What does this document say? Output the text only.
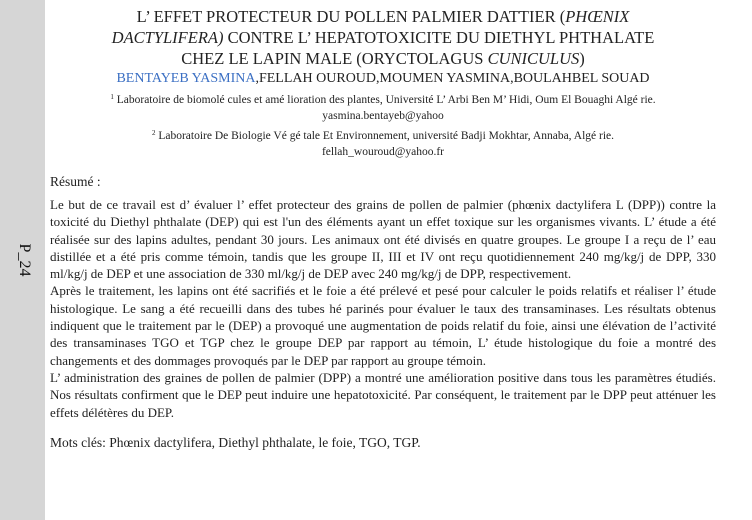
P_24
L’ EFFET PROTECTEUR DU POLLEN PALMIER DATTIER (PHŒNIX
DACTYLIFERA) CONTRE L’ HEPATOTOXICITE DU DIETHYL PHTHALATE
CHEZ LE LAPIN MALE (ORYCTOLAGUS CUNICULUS)
BENTAYEB YASMINA,FELLAH OUROUD,MOUMEN YASMINA,BOULAHBEL SOUAD
$^1$ Laboratoire de biomolé cules et amé lioration des plantes, Université L’ Arbi Ben M’ Hidi, Oum El Bouaghi Algé rie.
yasmina.bentayeb@yahoo
$^2$ Laboratoire De Biologie Vé gé tale Et Environnement, université Badji Mokhtar, Annaba, Algé rie.
fellah_wouroud@yahoo.fr
Résumé :

Le but de ce travail est d’ évaluer l’ effet protecteur des grains de pollen de palmier (phœnix dactylifera L (DPP)) contre la toxicité du Diethyl phthalate (DEP) qui est l'un des éléments ayant un effet toxique sur les organismes vivants. L’ étude a été réalisée sur des lapins adultes, pendant 30 jours. Les animaux ont été divisés en quatre groupes. Le groupe I a reçu de l’ eau distillée et a été pris comme témoin, tandis que les groupe II, III et IV ont reçu quotidiennement 240 mg/kg/j de DPP, 330 ml/kg/j de DEP et une association de 330 ml/kg/j de DEP avec 240 mg/kg/j de DPP, respectivement.

Après le traitement, les lapins ont été sacrifiés et le foie a été prélevé et pesé pour calculer le poids relatifs et réaliser l’ étude histologique. Le sang a été recueilli dans des tubes hé parinés pour évaluer le taux des transaminases. Les résultats obtenus indiquent que le traitement par le (DEP) a provoqué une augmentation de poids relatif du foie, ainsi une élévation de l’activité des transaminases TGO et TGP chez le groupe DEP par rapport au témoin, L’ étude histologique du foie a montré des changements et des dommages provoqués par le DEP par rapport au groupe témoin.

L’ administration des graines de pollen de palmier (DPP) a montré une amélioration positive dans tous les paramètres étudiés. Nos résultats confirment que le DEP peut induire une hepatotoxicité. Par conséquent, le traitement par le DPP peut atténuer les effets délétères du DEP.

Mots clés: Phœnix dactylifera, Diethyl phthalate, le foie, TGO, TGP.
